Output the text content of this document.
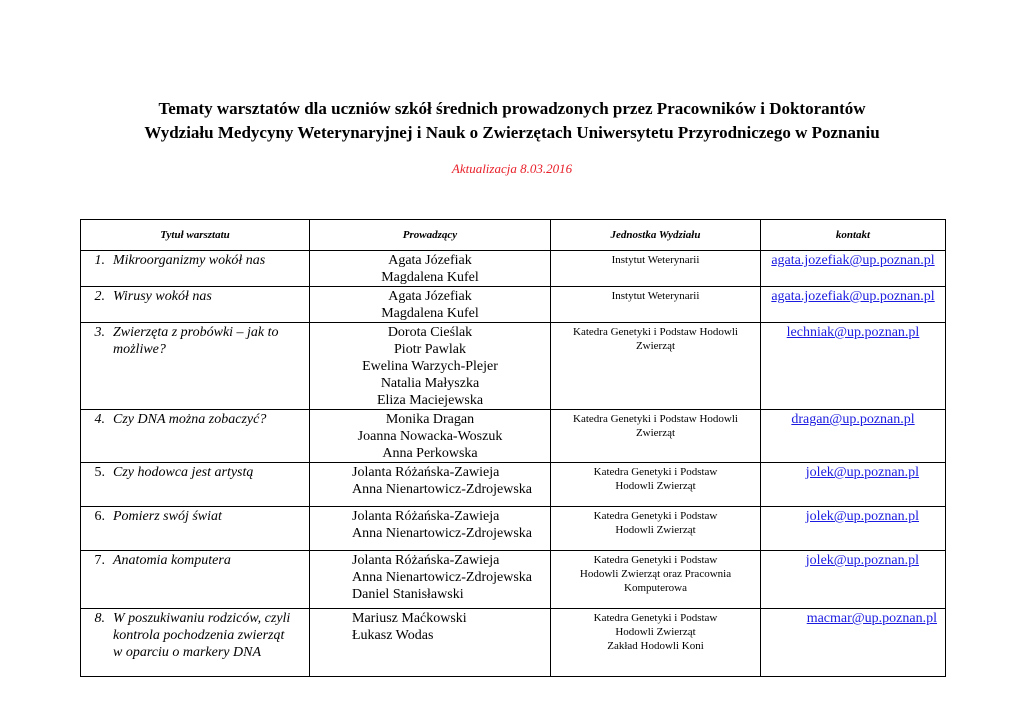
Tematy warsztatów dla uczniów szkół średnich prowadzonych przez Pracowników i Doktorantów
Wydziału Medycyny Weterynaryjnej i Nauk o Zwierzętach Uniwersytetu Przyrodniczego w Poznaniu
Aktualizacja 8.03.2016
Tytuł warsztatu	Prowadzący	Jednostka Wydziału	kontakt
1. Mikroorganizmy wokół nas	Agata Józefiak
Magdalena Kufel	Instytut Weterynarii	agata.jozefiak@up.poznan.pl
2. Wirusy wokół nas	Agata Józefiak
Magdalena Kufel	Instytut Weterynarii	agata.jozefiak@up.poznan.pl
3. Zwierzęta z probówki – jak to możliwe?	Dorota Cieślak
Piotr Pawlak
Ewelina Warzych-Plejer
Natalia Małyszka
Eliza Maciejewska	Katedra Genetyki i Podstaw Hodowli Zwierząt	lechniak@up.poznan.pl
4. Czy DNA można zobaczyć?	Monika Dragan
Joanna Nowacka-Woszuk
Anna Perkowska	Katedra Genetyki i Podstaw Hodowli Zwierząt	dragan@up.poznan.pl
5. Czy hodowca jest artystą	Jolanta Różańska-Zawieja
Anna Nienartowicz-Zdrojewska	Katedra Genetyki i Podstaw
Hodowli Zwierząt	jolek@up.poznan.pl
6. Pomierz swój świat	Jolanta Różańska-Zawieja
Anna Nienartowicz-Zdrojewska	Katedra Genetyki i Podstaw
Hodowli Zwierząt	jolek@up.poznan.pl
7. Anatomia komputera	Jolanta Różańska-Zawieja
Anna Nienartowicz-Zdrojewska
Daniel Stanisławski	Katedra Genetyki i Podstaw
Hodowli Zwierząt oraz Pracownia
Komputerowa	jolek@up.poznan.pl
8. W poszukiwaniu rodziców, czyli kontrola pochodzenia zwierząt w oparciu o markery DNA	Mariusz Maćkowski
Łukasz Wodas	Katedra Genetyki i Podstaw
Hodowli Zwierząt
Zakład Hodowli Koni	macmar@up.poznan.pl
